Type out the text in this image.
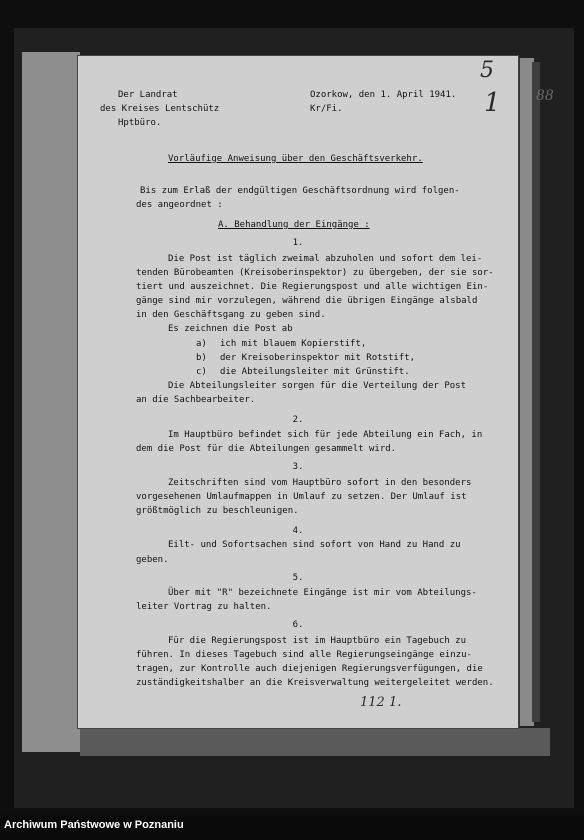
Der Landrat
des Kreises Lentschütz
Hptbüro.
Ozorkow, den 1. April 1941.
Kr/Fi.
5
1
Vorläufige Anweisung über den Geschäftsverkehr.
Bis zum Erlaß der endgültigen Geschäftsordnung wird folgen-
des angeordnet :
A. Behandlung der Eingänge :
1.
Die Post ist täglich zweimal abzuholen und sofort dem lei-
tenden Bürobeamten (Kreisoberinspektor) zu übergeben, der sie sor-
tiert und auszeichnet. Die Regierungspost und alle wichtigen Ein-
gänge sind mir vorzulegen, während die übrigen Eingänge alsbald
in den Geschäftsgang zu geben sind.
Es zeichnen die Post ab
a) ich mit blauem Kopierstift,
b) der Kreisoberinspektor mit Rotstift,
c) die Abteilungsleiter mit Grünstift.
Die Abteilungsleiter sorgen für die Verteilung der Post
an die Sachbearbeiter.
2.
Im Hauptbüro befindet sich für jede Abteilung ein Fach, in
dem die Post für die Abteilungen gesammelt wird.
3.
Zeitschriften sind vom Hauptbüro sofort in den besonders
vorgesehenen Umlaufmappen in Umlauf zu setzen. Der Umlauf ist
größtmöglich zu beschleunigen.
4.
Eilt- und Sofortsachen sind sofort von Hand zu Hand zu
geben.
5.
Über mit "R" bezeichnete Eingänge ist mir vom Abteilungs-
leiter Vortrag zu halten.
6.
Für die Regierungspost ist im Hauptbüro ein Tagebuch zu
führen. In dieses Tagebuch sind alle Regierungseingänge einzu-
tragen, zur Kontrolle auch diejenigen Regierungsverfügungen, die
zuständigkeitshalber an die Kreisverwaltung weitergeleitet werden.
112 1.
88
Archiwum Państwowe w Poznaniu
